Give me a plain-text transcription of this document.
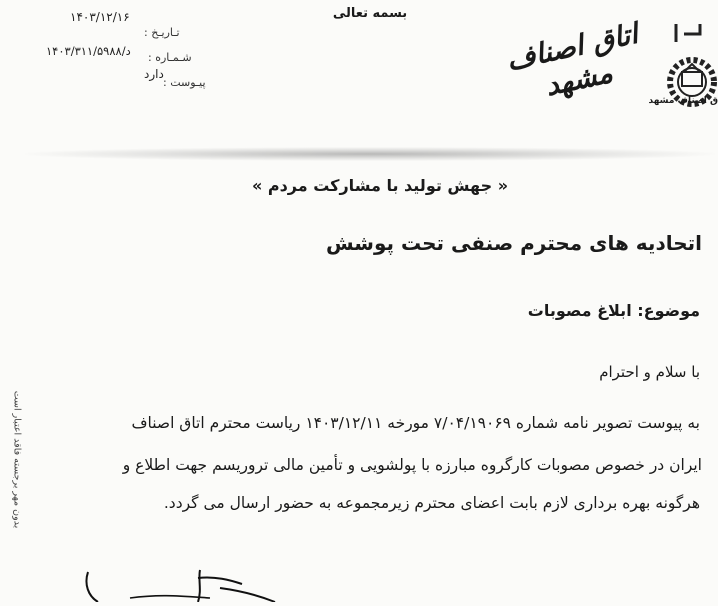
بسمه تعالی
۱۴۰۳/۱۲/۱۶
تـاریـخ :
۱۴۰۳/۳۱۱/د/۵۹۸۸ شـمـاره :
دارد
پیـوست :
اتاق اصناف مشهد	ق اصناف مشهد
« جهش تولید با مشارکت مردم »
اتحادیه های محترم صنفی تحت پوشش
موضوع: ابلاغ مصوبات
با سلام و احترام
به پیوست تصویر نامه شماره ۷/۰۴/۱۹۰۶۹ مورخه ۱۴۰۳/۱۲/۱۱ ریاست محترم اتاق اصناف
ایران در خصوص مصوبات کارگروه مبارزه با پولشویی و تأمین مالی تروریسم جهت اطلاع و
هرگونه بهره برداری لازم بابت اعضای محترم زیرمجموعه به حضور ارسال می گردد.
بدون مهر برجسته فاقد اعتبار است
